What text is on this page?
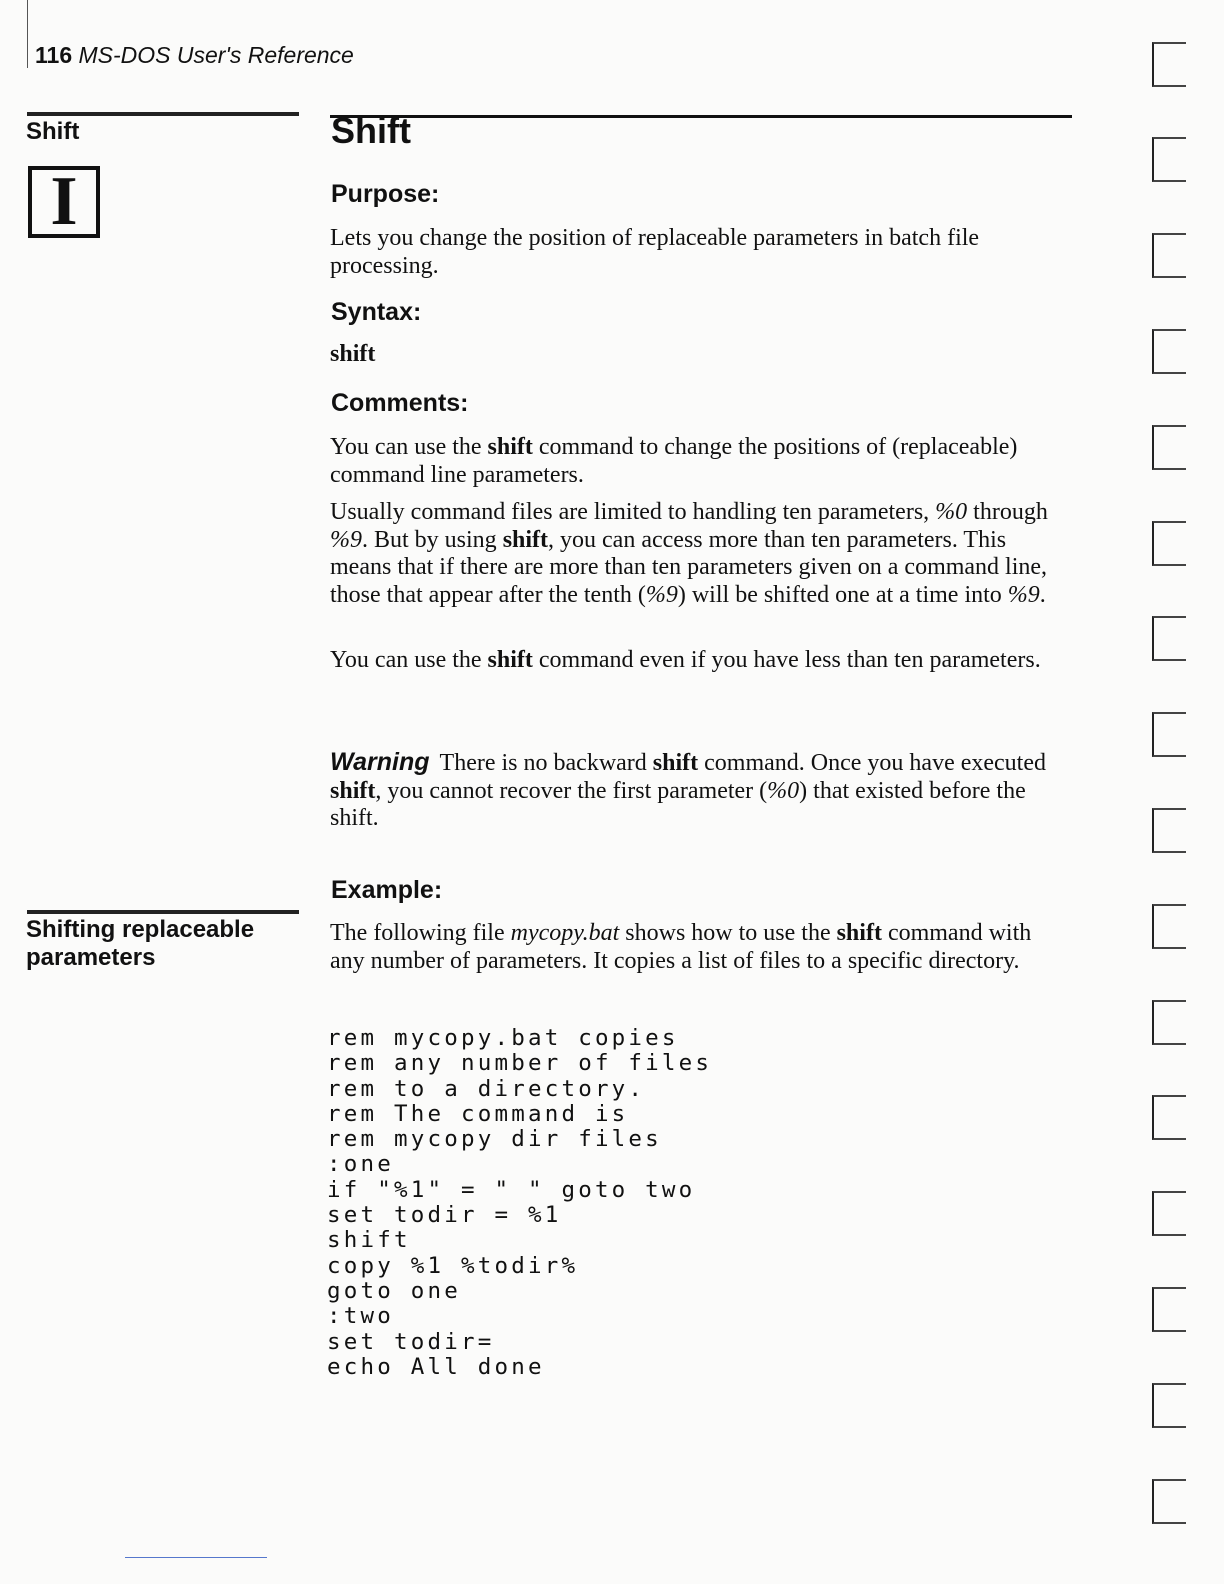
116 MS-DOS User's Reference
Shift
I
Shifting replaceable parameters
Shift
Purpose:
Lets you change the position of replaceable parameters in batch file processing.
Syntax:
shift
Comments:
You can use the shift command to change the positions of (replaceable) command line parameters.
Usually command files are limited to handling ten parameters, %0 through %9. But by using shift, you can access more than ten parameters. This means that if there are more than ten parameters given on a command line, those that appear after the tenth (%9) will be shifted one at a time into %9.
You can use the shift command even if you have less than ten parameters.
Warning There is no backward shift command. Once you have executed shift, you cannot recover the first parameter (%0) that existed before the shift.
Example:
The following file mycopy.bat shows how to use the shift command with any number of parameters. It copies a list of files to a specific directory.
rem mycopy.bat copies
rem any number of files
rem to a directory.
rem The command is
rem mycopy dir files
:one
if "%1" = " " goto two
set todir = %1
shift
copy %1 %todir%
goto one
:two
set todir=
echo All done
